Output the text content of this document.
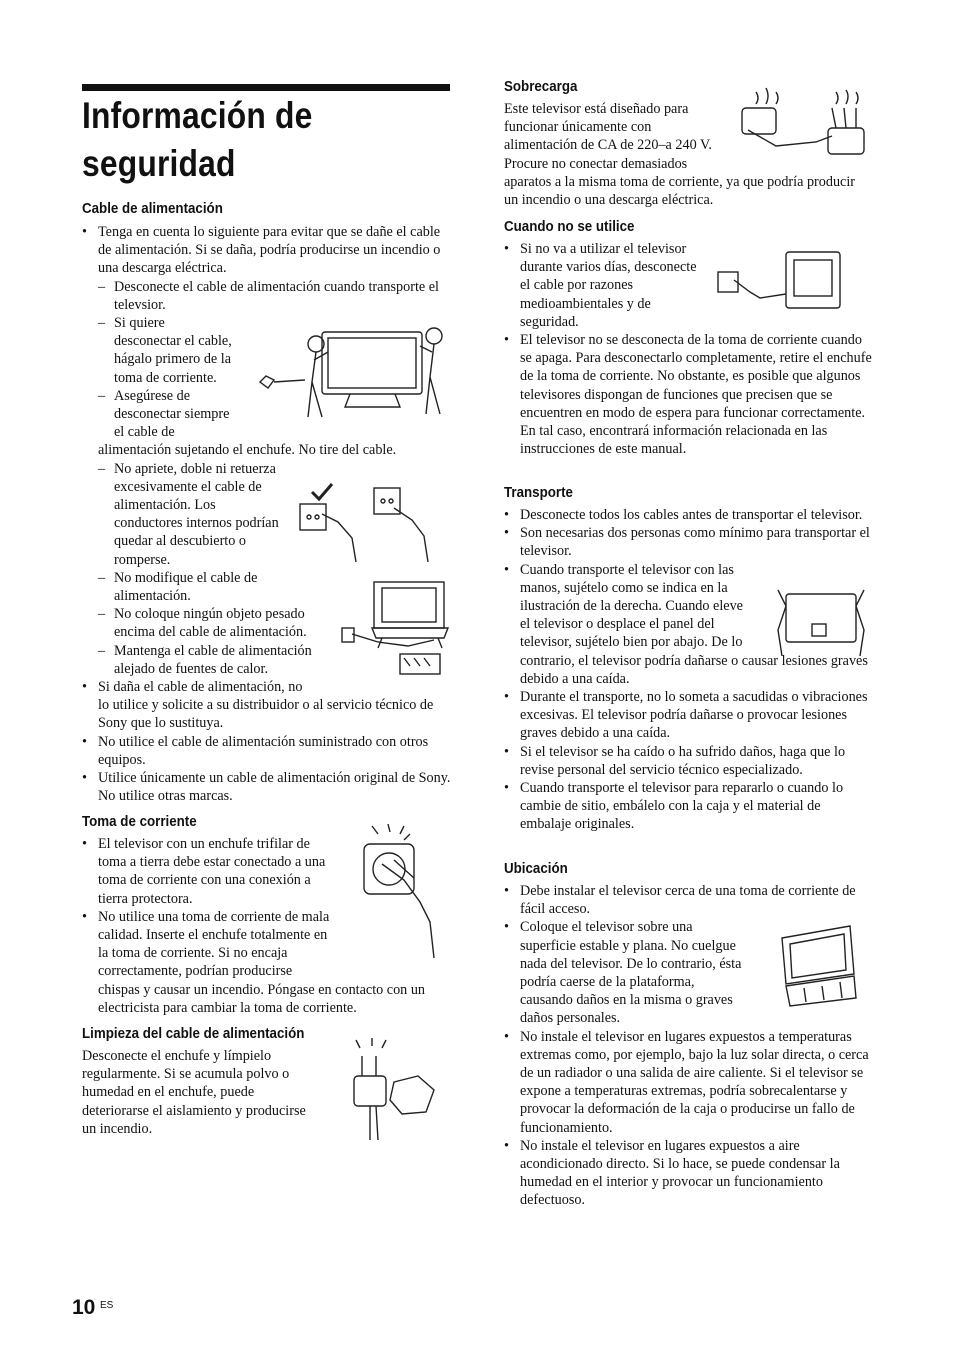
Información de
seguridad
Cable de alimentación
• Tenga en cuenta lo siguiente para evitar que se dañe el cable de alimentación. Si se daña, podría producirse un incendio o una descarga eléctrica.
– Desconecte el cable de alimentación cuando transporte el televsior.
– Si quiere
desconectar el cable,
hágalo primero de la
toma de corriente.
– Asegúrese de
desconectar siempre
el cable de
alimentación sujetando el enchufe. No tire del cable.
– No apriete, doble ni retuerza
excesivamente el cable de
alimentación. Los
conductores internos podrían
quedar al descubierto o
romperse.
– No modifique el cable de
alimentación.
– No coloque ningún objeto pesado
encima del cable de alimentación.
– Mantenga el cable de alimentación
alejado de fuentes de calor.
• Si daña el cable de alimentación, no
lo utilice y solicite a su distribuidor o al servicio técnico de Sony que lo sustituya.
• No utilice el cable de alimentación suministrado con otros equipos.
• Utilice únicamente un cable de alimentación original de Sony. No utilice otras marcas.
Toma de corriente
• El televisor con un enchufe trifilar de
toma a tierra debe estar conectado a una
toma de corriente con una conexión a
tierra protectora.
• No utilice una toma de corriente de mala
calidad. Inserte el enchufe totalmente en
la toma de corriente. Si no encaja
correctamente, podrían producirse
chispas y causar un incendio. Póngase en contacto con un electricista para cambiar la toma de corriente.
Limpieza del cable de alimentación

Desconecte el enchufe y límpielo
regularmente. Si se acumula polvo o
humedad en el enchufe, puede
deteriorarse el aislamiento y producirse
un incendio.

Sobrecarga

Este televisor está diseñado para
funcionar únicamente con
alimentación de CA de 220–a 240 V.
Procure no conectar demasiados
aparatos a la misma toma de corriente, ya que podría producir un incendio o una descarga eléctrica.

Cuando no se utilice
• Si no va a utilizar el televisor
durante varios días, desconecte
el cable por razones
medioambientales y de
seguridad.
• El televisor no se desconecta de la toma de corriente cuando se apaga. Para desconectarlo completamente, retire el enchufe de la toma de corriente. No obstante, es posible que algunos televisores dispongan de funciones que precisen que se encuentren en modo de espera para funcionar correctamente. En tal caso, encontrará información relacionada en las instrucciones de este manual.
Transporte
• Desconecte todos los cables antes de transportar el televisor.
• Son necesarias dos personas como mínimo para transportar el televisor.
• Cuando transporte el televisor con las
manos, sujételo como se indica en la
ilustración de la derecha. Cuando eleve
el televisor o desplace el panel del
televisor, sujételo bien por abajo. De lo
contrario, el televisor podría dañarse o causar lesiones graves debido a una caída.
• Durante el transporte, no lo someta a sacudidas o vibraciones excesivas. El televisor podría dañarse o provocar lesiones graves debido a una caída.
• Si el televisor se ha caído o ha sufrido daños, haga que lo revise personal del servicio técnico especializado.
• Cuando transporte el televisor para repararlo o cuando lo cambie de sitio, embálelo con la caja y el material de embalaje originales.
Ubicación
• Debe instalar el televisor cerca de una toma de corriente de fácil acceso.
• Coloque el televisor sobre una
superficie estable y plana. No cuelgue
nada del televisor. De lo contrario, ésta
podría caerse de la plataforma,
causando daños en la misma o graves
daños personales.
• No instale el televisor en lugares expuestos a temperaturas extremas como, por ejemplo, bajo la luz solar directa, o cerca de un radiador o una salida de aire caliente. Si el televisor se expone a temperaturas extremas, podría sobrecalentarse y provocar la deformación de la caja o producirse un fallo de funcionamiento.
• No instale el televisor en lugares expuestos a aire acondicionado directo. Si lo hace, se puede condensar la humedad en el interior y provocar un funcionamiento defectuoso.
10 ES
